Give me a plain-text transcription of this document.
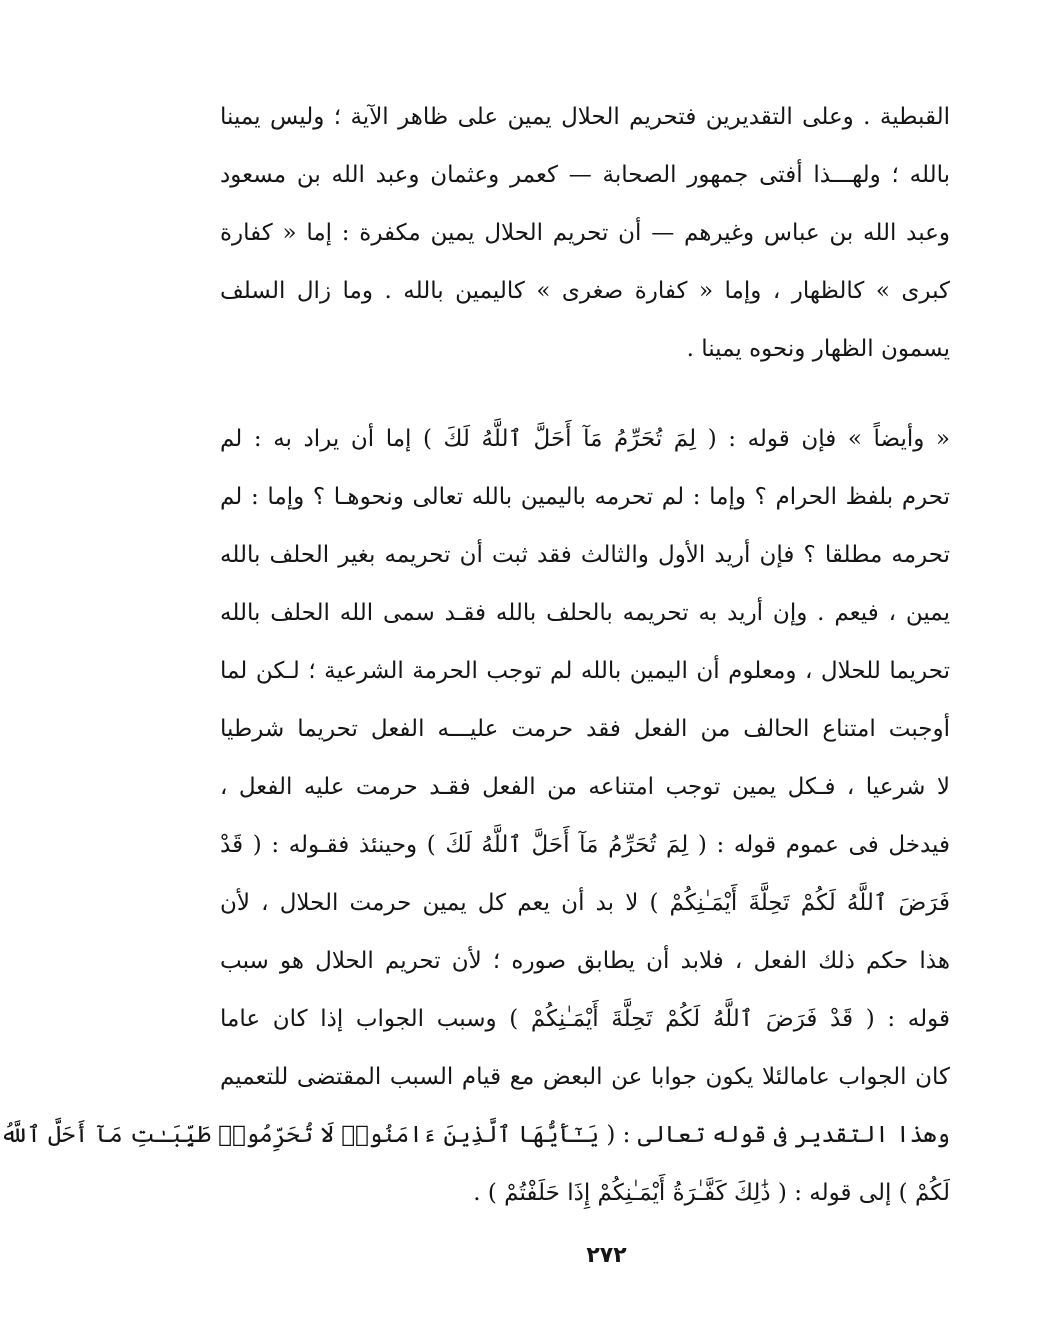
القبطية . وعلى التقديرين فتحريم الحلال يمين على ظاهر الآية ؛ وليس يمينا
بالله ؛ ولهـــذا أفتى جمهور الصحابة — كعمر وعثمان وعبد الله بن مسعود
وعبد الله بن عباس وغيرهم — أن تحريم الحلال يمين مكفرة : إما « كفارة
كبرى » كالظهار ، وإما « كفارة صغرى » كاليمين بالله . وما زال السلف
يسمون الظهار ونحوه يمينا .
« وأيضاً » فإن قوله : ( لِمَ تُحَرِّمُ مَآ أَحَلَّ ٱللَّهُ لَكَ ) إما أن يراد به : لم
تحرم بلفظ الحرام ؟ وإما : لم تحرمه باليمين بالله تعالى ونحوهـا ؟ وإما : لم
تحرمه مطلقا ؟ فإن أريد الأول والثالث فقد ثبت أن تحريمه بغير الحلف بالله
يمين ، فيعم . وإن أريد به تحريمه بالحلف بالله فقـد سمى الله الحلف بالله
تحريما للحلال ، ومعلوم أن اليمين بالله لم توجب الحرمة الشرعية ؛ لـكن لما
أوجبت امتناع الحالف من الفعل فقد حرمت عليـــه الفعل تحريما شرطيا
لا شرعيا ، فـكل يمين توجب امتناعه من الفعل فقـد حرمت عليه الفعل ،
فيدخل فى عموم قوله : ( لِمَ تُحَرِّمُ مَآ أَحَلَّ ٱللَّهُ لَكَ ) وحينئذ فقـوله : ( قَدْ
فَرَضَ ٱللَّهُ لَكُمْ تَحِلَّةَ أَيْمَـٰنِكُمْ ) لا بد أن يعم كل يمين حرمت الحلال ، لأن
هذا حكم ذلك الفعل ، فلابد أن يطابق صوره ؛ لأن تحريم الحلال هو سبب
قوله : ( قَدْ فَرَضَ ٱللَّهُ لَكُمْ تَحِلَّةَ أَيْمَـٰنِكُمْ ) وسبب الجواب إذا كان عاما
كان الجواب عامالئلا يكون جوابا عن البعض مع قيام السبب المقتضى للتعميم
وهذا التقدير فى قوله تعالى : ( يَـٰٓأَيُّهَا ٱلَّذِينَ ءَامَنُوا۟ لَا تُحَرِّمُوا۟ طَيِّبَـٰتِ مَآ أَحَلَّ ٱللَّهُ
لَكُمْ ) إلى قوله : ( ذَٰلِكَ كَفَّـٰرَةُ أَيْمَـٰنِكُمْ إِذَا حَلَفْتُمْ ) .
٢٧٢
